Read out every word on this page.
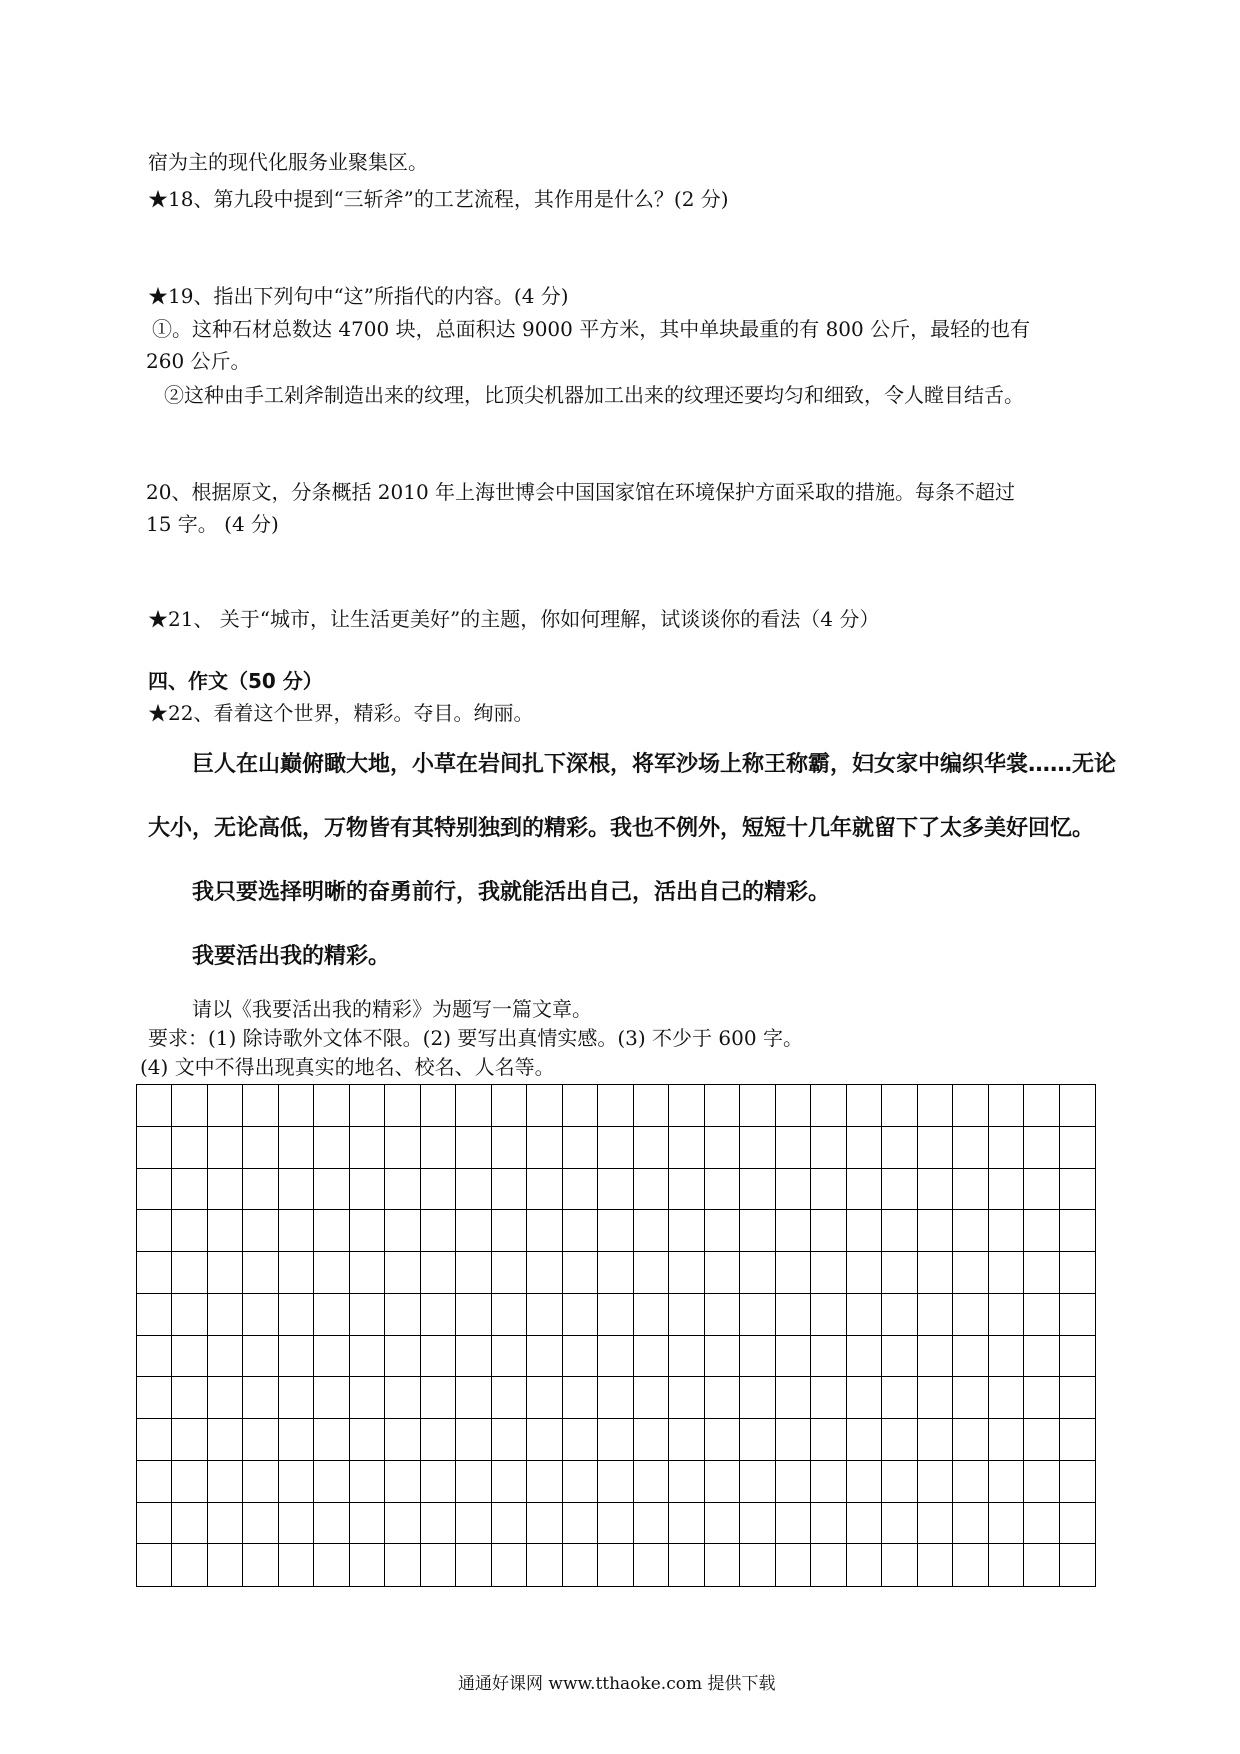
宿为主的现代化服务业聚集区。
★18、第九段中提到“三斩斧”的工艺流程，其作用是什么？(2 分)
★19、指出下列句中“这”所指代的内容。(4 分)
①。这种石材总数达 4700 块，总面积达 9000 平方米，其中单块最重的有 800 公斤，最轻的也有
260 公斤。
②这种由手工剁斧制造出来的纹理，比顶尖机器加工出来的纹理还要均匀和细致，令人瞠目结舌。
20、根据原文，分条概括 2010 年上海世博会中国国家馆在环境保护方面采取的措施。每条不超过
15 字。 (4 分)
★21、 关于“城市，让生活更美好”的主题，你如何理解，试谈谈你的看法（4 分）
四、作文（50 分）
★22、看着这个世界，精彩。夺目。绚丽。
巨人在山巅俯瞰大地，小草在岩间扎下深根，将军沙场上称王称霸，妇女家中编织华裳……无论
大小，无论高低，万物皆有其特别独到的精彩。我也不例外，短短十几年就留下了太多美好回忆。
我只要选择明晰的奋勇前行，我就能活出自己，活出自己的精彩。
我要活出我的精彩。
请以《我要活出我的精彩》为题写一篇文章。
要求：(1) 除诗歌外文体不限。(2) 要写出真情实感。(3) 不少于 600 字。
(4) 文中不得出现真实的地名、校名、人名等。
通通好课网 www.tthaoke.com 提供下载
